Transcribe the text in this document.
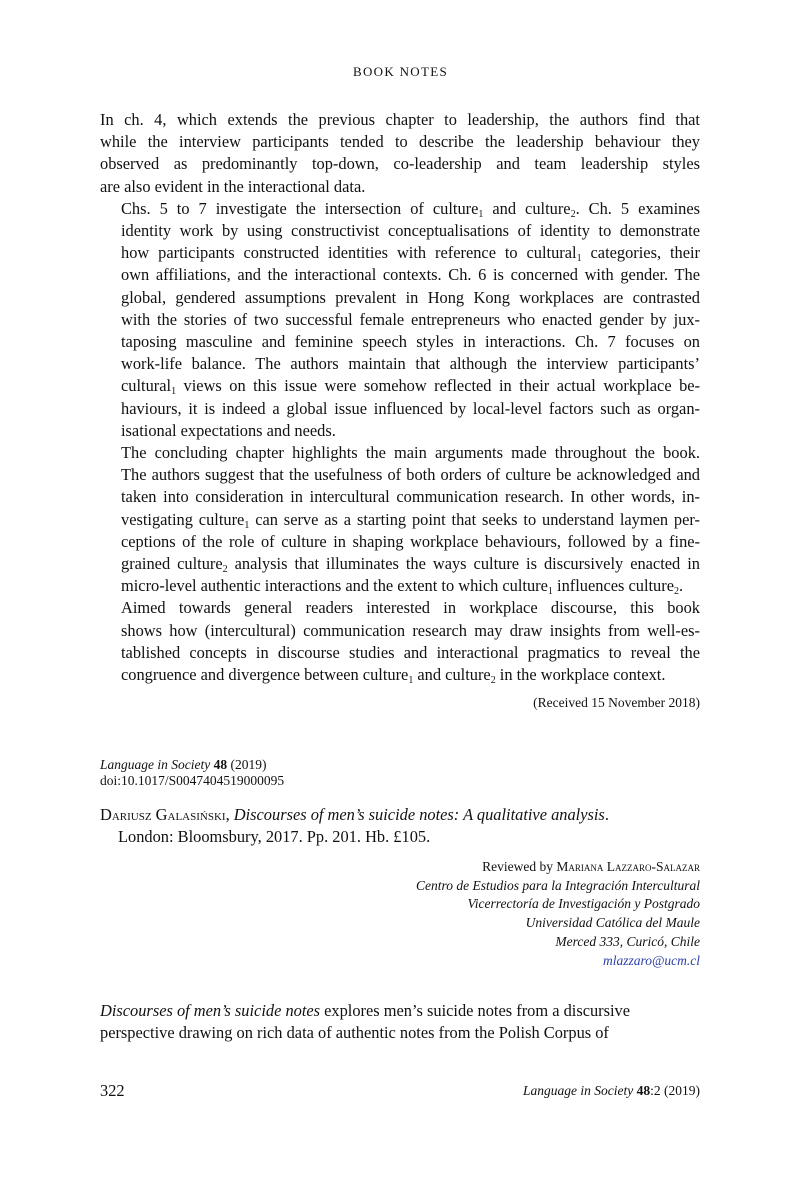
BOOK NOTES

In ch. 4, which extends the previous chapter to leadership, the authors find that
while the interview participants tended to describe the leadership behaviour they
observed as predominantly top-down, co-leadership and team leadership styles
are also evident in the interactional data.

Chs. 5 to 7 investigate the intersection of culture$_1$ and culture$_2$. Ch. 5 examines
identity work by using constructivist conceptualisations of identity to demonstrate
how participants constructed identities with reference to cultural$_1$ categories, their
own affiliations, and the interactional contexts. Ch. 6 is concerned with gender. The
global, gendered assumptions prevalent in Hong Kong workplaces are contrasted
with the stories of two successful female entrepreneurs who enacted gender by jux-
taposing masculine and feminine speech styles in interactions. Ch. 7 focuses on
work-life balance. The authors maintain that although the interview participants’
cultural$_1$ views on this issue were somehow reflected in their actual workplace be-
haviours, it is indeed a global issue influenced by local-level factors such as organ-
isational expectations and needs.

The concluding chapter highlights the main arguments made throughout the book.
The authors suggest that the usefulness of both orders of culture be acknowledged and
taken into consideration in intercultural communication research. In other words, in-
vestigating culture$_1$ can serve as a starting point that seeks to understand laymen per-
ceptions of the role of culture in shaping workplace behaviours, followed by a fine-
grained culture$_2$ analysis that illuminates the ways culture is discursively enacted in
micro-level authentic interactions and the extent to which culture$_1$ influences culture$_2$.

Aimed towards general readers interested in workplace discourse, this book
shows how (intercultural) communication research may draw insights from well-es-
tablished concepts in discourse studies and interactional pragmatics to reveal the
congruence and divergence between culture$_1$ and culture$_2$ in the workplace context.

(Received 15 November 2018)
Language in Society 48 (2019)
doi:10.1017/S0047404519000095
Dariusz Galasiński, Discourses of men’s suicide notes: A qualitative analysis.
London: Bloomsbury, 2017. Pp. 201. Hb. £105.
Reviewed by Mariana Lazzaro-Salazar
Centro de Estudios para la Integración Intercultural
Vicerrectoría de Investigación y Postgrado
Universidad Católica del Maule
Merced 333, Curicó, Chile
mlazzaro@ucm.cl
Discourses of men’s suicide notes explores men’s suicide notes from a discursive
perspective drawing on rich data of authentic notes from the Polish Corpus of
322	Language in Society 48:2 (2019)
